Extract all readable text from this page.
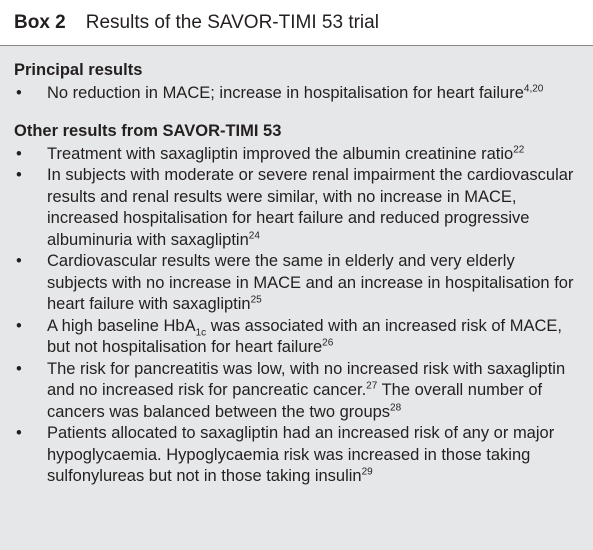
Box 2 Results of the SAVOR-TIMI 53 trial

Principal results

• No reduction in MACE; increase in hospitalisation for heart failure$^{4,20}$

Other results from SAVOR-TIMI 53

• Treatment with saxagliptin improved the albumin creatinine ratio$^{22}$
• In subjects with moderate or severe renal impairment the cardiovascular results and renal results were similar, with no increase in MACE, increased hospitalisation for heart failure and reduced progressive albuminuria with saxagliptin$^{24}$
• Cardiovascular results were the same in elderly and very elderly subjects with no increase in MACE and an increase in hospitalisation for heart failure with saxagliptin$^{25}$
• A high baseline HbA$_{1c}$ was associated with an increased risk of MACE, but not hospitalisation for heart failure$^{26}$
• The risk for pancreatitis was low, with no increased risk with saxagliptin and no increased risk for pancreatic cancer.$^{27}$ The overall number of cancers was balanced between the two groups$^{28}$
• Patients allocated to saxagliptin had an increased risk of any or major hypoglycaemia. Hypoglycaemia risk was increased in those taking sulfonylureas but not in those taking insulin$^{29}$
